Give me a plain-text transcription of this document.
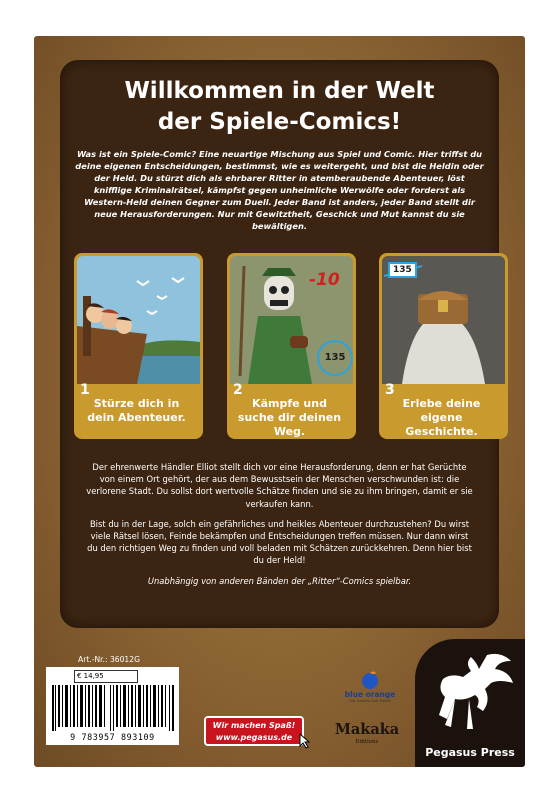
Willkommen in der Welt
der Spiele-Comics!
Was ist ein Spiele-Comic? Eine neuartige Mischung aus Spiel und Comic. Hier triffst du deine eigenen Entscheidungen, bestimmst, wie es weitergeht, und bist die Heldin oder der Held. Du stürzt dich als ehrbarer Ritter in atemberaubende Abenteuer, löst knifflige Kriminalrätsel, kämpfst gegen unheimliche Werwölfe oder forderst als Western-Held deinen Gegner zum Duell. Jeder Band ist anders, jeder Band stellt dir neue Herausforderungen. Nur mit Gewitztheit, Geschick und Mut kannst du sie bewältigen.
1
Stürze dich in dein Abenteuer.
-10
135
2
Kämpfe und suche dir deinen Weg.
135
3
Erlebe deine eigene Geschichte.

Der ehrenwerte Händler Elliot stellt dich vor eine Herausforderung, denn er hat Gerüchte von einem Ort gehört, der aus dem Bewusstsein der Menschen verschwunden ist: die verlorene Stadt. Du sollst dort wertvolle Schätze finden und sie zu ihm bringen, damit er sie verkaufen kann.

Bist du in der Lage, solch ein gefährliches und heikles Abenteuer durchzustehen? Du wirst viele Rätsel lösen, Feinde bekämpfen und Entscheidungen treffen müssen. Nur dann wirst du den richtigen Weg zu finden und voll beladen mit Schätzen zurückkehren. Denn hier bist du der Held!

Unabhängig von anderen Bänden der „Ritter“-Comics spielbar.

Art.-Nr.: 36012G
€ 14,95
9 783957 893109
Wir machen Spaß!
www.pegasus.de
blue orange
Hot Games Cool Planet
Makaka
Editions
Pegasus Press
